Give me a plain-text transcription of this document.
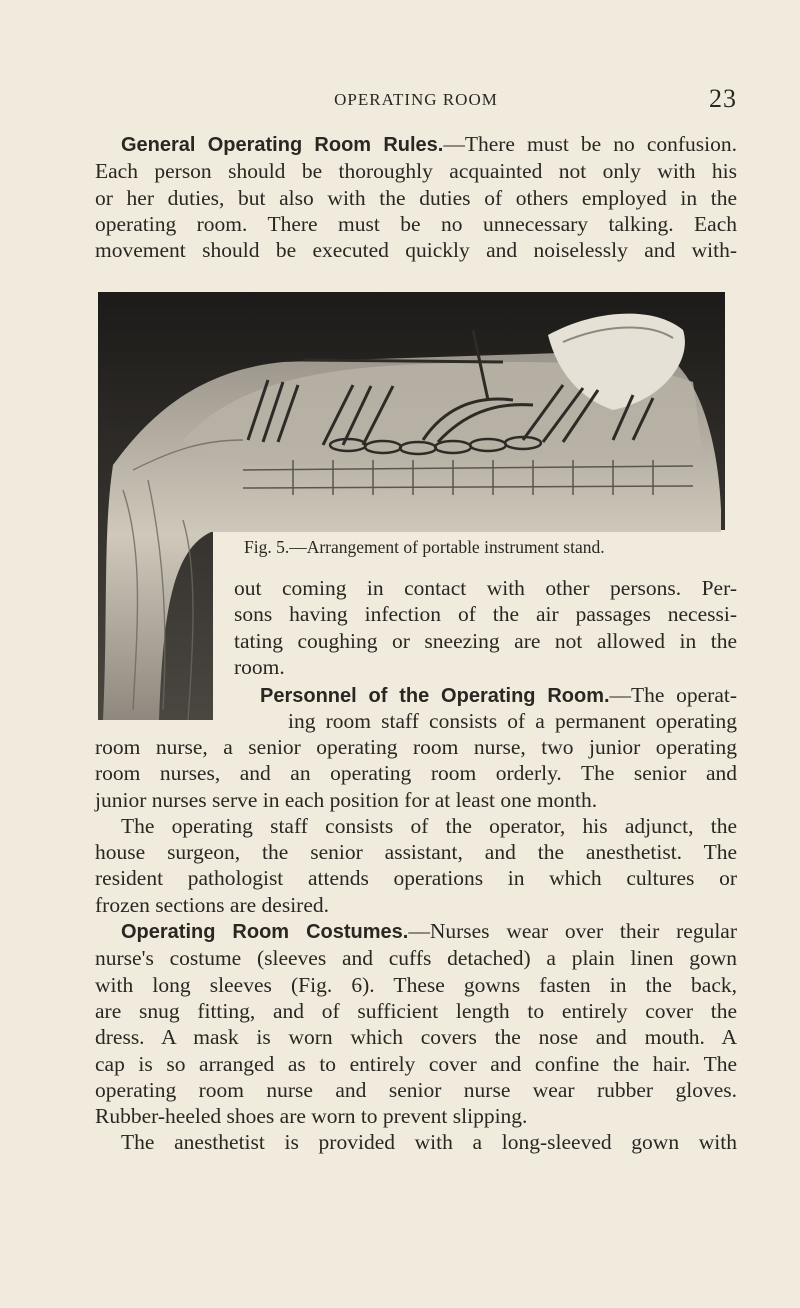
OPERATING ROOM	23

General Operating Room Rules.—There must be no confusion.

Each person should be thoroughly acquainted not only with his

or her duties, but also with the duties of others employed in the

operating room. There must be no unnecessary talking. Each

movement should be executed quickly and noiselessly and with-

Fig. 5.—Arrangement of portable instrument stand.

out coming in contact with other persons. Per-

sons having infection of the air passages necessi-

tating coughing or sneezing are not allowed in the

room.

Personnel of the Operating Room.—The operat-

ing room staff consists of a permanent operating

room nurse, a senior operating room nurse, two junior operating

room nurses, and an operating room orderly. The senior and

junior nurses serve in each position for at least one month.

The operating staff consists of the operator, his adjunct, the

house surgeon, the senior assistant, and the anesthetist. The

resident pathologist attends operations in which cultures or

frozen sections are desired.

Operating Room Costumes.—Nurses wear over their regular

nurse's costume (sleeves and cuffs detached) a plain linen gown

with long sleeves (Fig. 6). These gowns fasten in the back,

are snug fitting, and of sufficient length to entirely cover the

dress. A mask is worn which covers the nose and mouth. A

cap is so arranged as to entirely cover and confine the hair. The

operating room nurse and senior nurse wear rubber gloves.

Rubber-heeled shoes are worn to prevent slipping.

The anesthetist is provided with a long-sleeved gown with
